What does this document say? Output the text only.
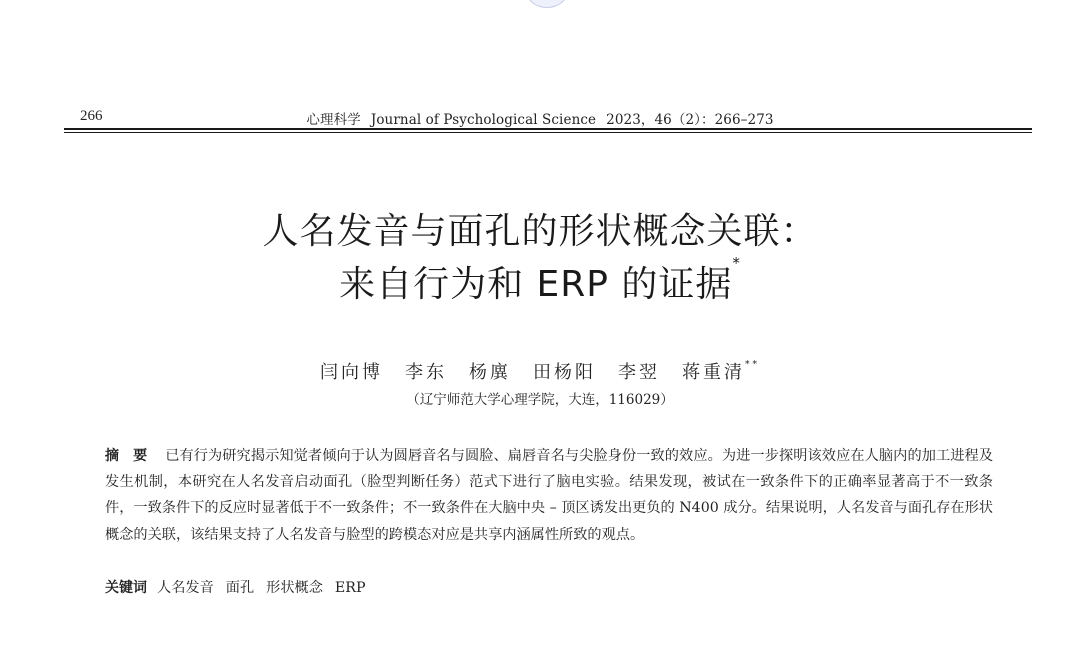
266	心理科学 Journal of Psychological Science 2023，46（2）：266–273
人名发音与面孔的形状概念关联：
来自行为和 ERP 的证据*
闫向博 李东 杨廙 田杨阳 李翌 蒋重清**
（辽宁师范大学心理学院，大连，116029）
摘要 已有行为研究揭示知觉者倾向于认为圆唇音名与圆脸、扁唇音名与尖脸身份一致的效应。为进一步探明该效应在人脑内的加工进程及发生机制，本研究在人名发音启动面孔（脸型判断任务）范式下进行了脑电实验。结果发现，被试在一致条件下的正确率显著高于不一致条件，一致条件下的反应时显著低于不一致条件；不一致条件在大脑中央 – 顶区诱发出更负的 N400 成分。结果说明，人名发音与面孔存在形状概念的关联，该结果支持了人名发音与脸型的跨模态对应是共享内涵属性所致的观点。
关键词 人名发音 面孔 形状概念 ERP
